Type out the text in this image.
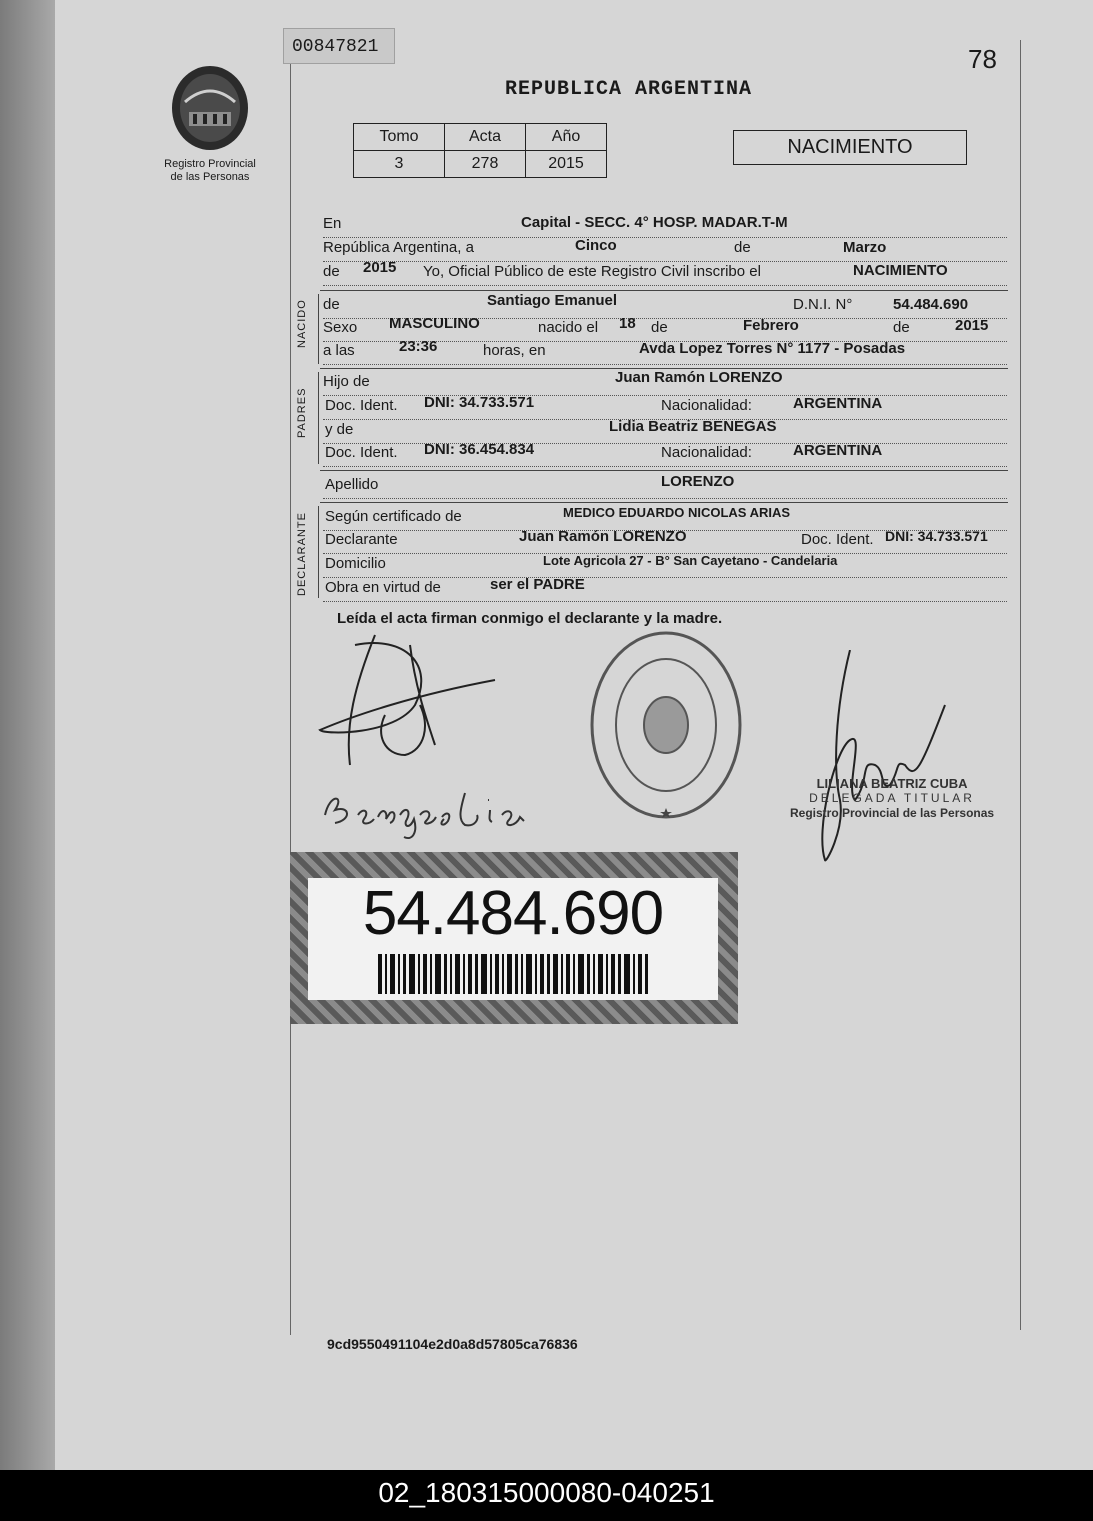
00847821	78
REPUBLICA ARGENTINA
Registro Provincial
de las Personas
Tomo	Acta	Año
3	278	2015
NACIMIENTO
En	Capital - SECC. 4° HOSP. MADAR.T-M
República Argentina, a	Cinco	de	Marzo
de 2015 Yo, Oficial Público de este Registro Civil inscribo el	NACIMIENTO
NACIDO de	Santiago Emanuel	D.N.I. N°	54.484.690
Sexo MASCULINO	nacido el 18 de	Febrero	de	2015
a las	23:36	horas, en	Avda Lopez Torres N° 1177 - Posadas
PADRES
Hijo de	Juan Ramón LORENZO
Doc. Ident. DNI: 34.733.571	Nacionalidad:	ARGENTINA
y de	Lidia Beatriz BENEGAS
Doc. Ident. DNI: 36.454.834	Nacionalidad:	ARGENTINA
Apellido	LORENZO
DECLARANTE Según certificado de	MEDICO EDUARDO NICOLAS ARIAS
Declarante	Juan Ramón LORENZO	Doc. Ident. DNI: 34.733.571
Domicilio	Lote Agricola 27 - B° San Cayetano - Candelaria
Obra en virtud de	ser el PADRE
Leída el acta firman conmigo el declarante y la madre.
LILIANA BEATRIZ CUBA
DELEGADA TITULAR
Registro Provincial de las Personas
54.484.690
9cd9550491104e2d0a8d57805ca76836
02_180315000080-040251
